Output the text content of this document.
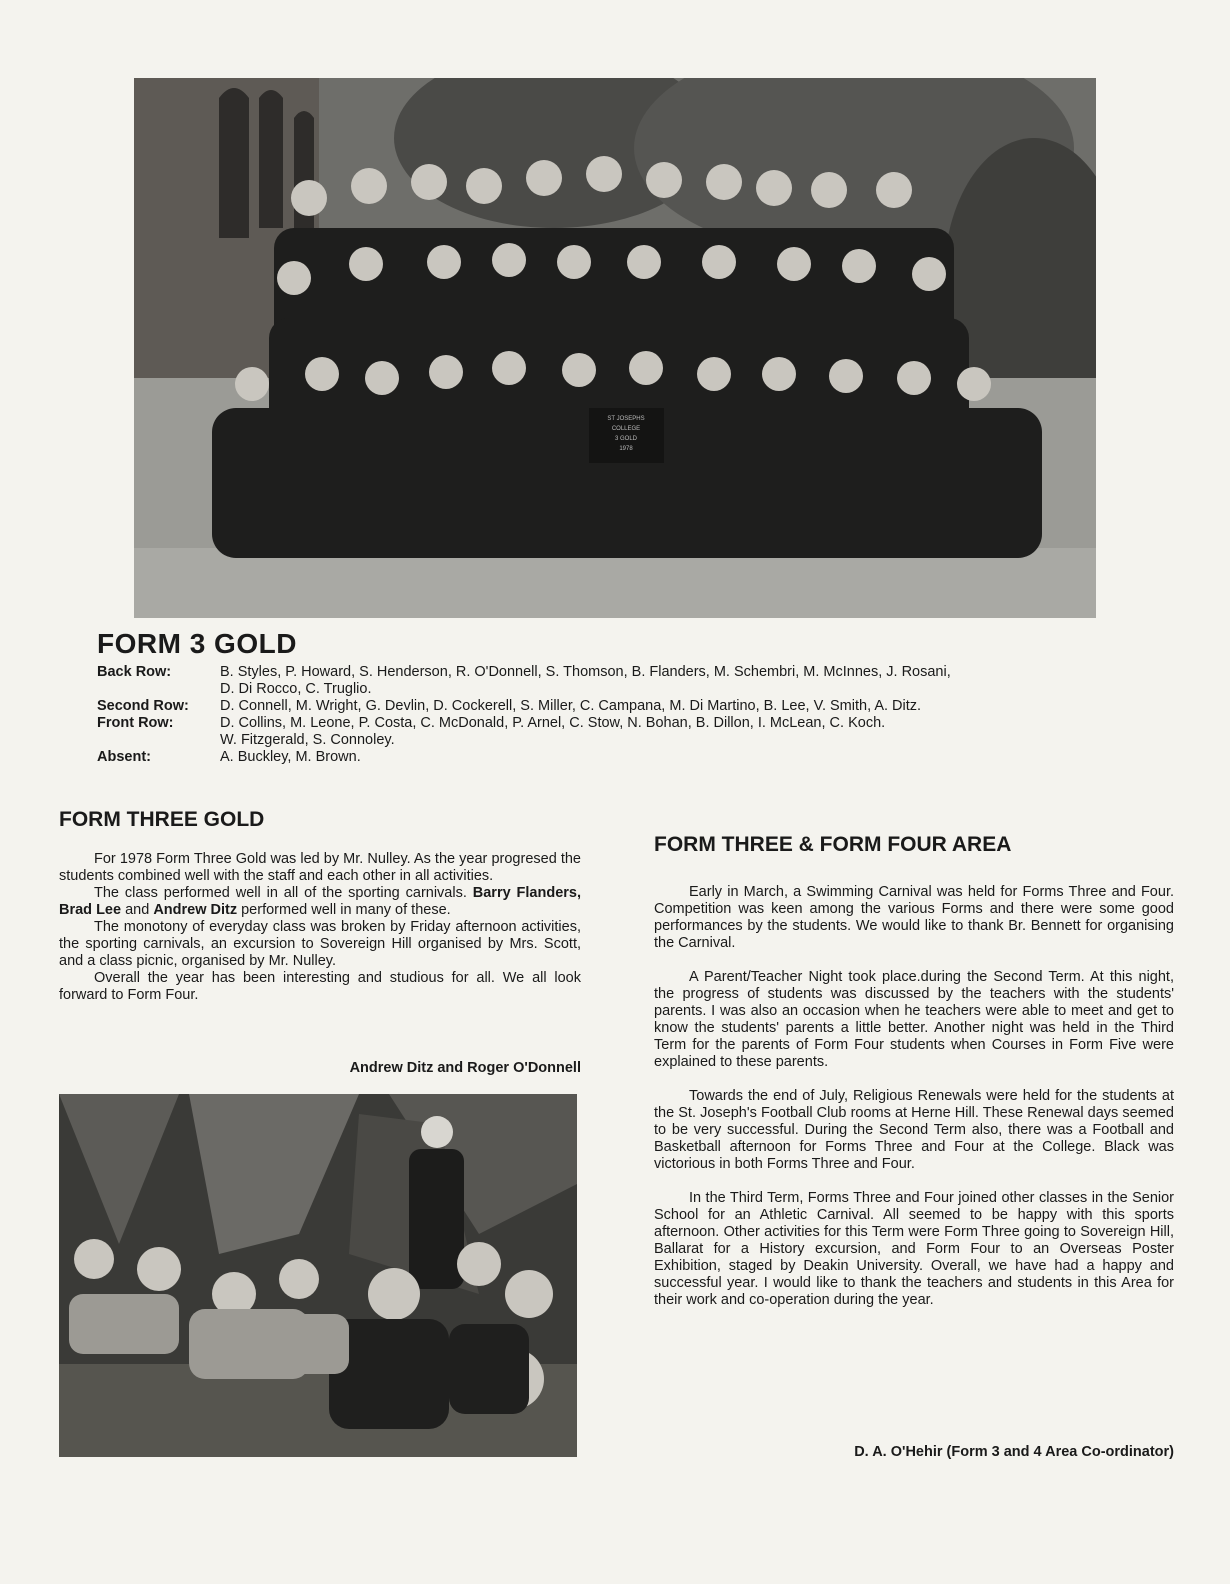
ST JOSEPHS
COLLEGE
3 GOLD
1978
FORM 3 GOLD
Back Row:	B. Styles, P. Howard, S. Henderson, R. O'Donnell, S. Thomson, B. Flanders, M. Schembri, M. McInnes, J. Rosani,
D. Di Rocco, C. Truglio.
Second Row:	D. Connell, M. Wright, G. Devlin, D. Cockerell, S. Miller, C. Campana, M. Di Martino, B. Lee, V. Smith, A. Ditz.
Front Row:	D. Collins, M. Leone, P. Costa, C. McDonald, P. Arnel, C. Stow, N. Bohan, B. Dillon, I. McLean, C. Koch.
W. Fitzgerald, S. Connoley.
Absent:	A. Buckley, M. Brown.
FORM THREE GOLD

For 1978 Form Three Gold was led by Mr. Nulley. As the year progresed the students combined well with the staff and each other in all activities.

The class performed well in all of the sporting carnivals. Barry Flanders, Brad Lee and Andrew Ditz performed well in many of these.

The monotony of everyday class was broken by Friday afternoon activities, the sporting carnivals, an excursion to Sovereign Hill organised by Mrs. Scott, and a class picnic, organised by Mr. Nulley.

Overall the year has been interesting and studious for all. We all look forward to Form Four.

Andrew Ditz and Roger O'Donnell
FORM THREE & FORM FOUR AREA

Early in March, a Swimming Carnival was held for Forms Three and Four. Competition was keen among the various Forms and there were some good performances by the students. We would like to thank Br. Bennett for organising the Carnival.

A Parent/Teacher Night took place.during the Second Term. At this night, the progress of students was discussed by the teachers with the students' parents. I was also an occasion when he teachers were able to meet and get to know the students' parents a little better. Another night was held in the Third Term for the parents of Form Four students when Courses in Form Five were explained to these parents.

Towards the end of July, Religious Renewals were held for the students at the St. Joseph's Football Club rooms at Herne Hill. These Renewal days seemed to be very successful. During the Second Term also, there was a Football and Basketball afternoon for Forms Three and Four at the College. Black was victorious in both Forms Three and Four.

In the Third Term, Forms Three and Four joined other classes in the Senior School for an Athletic Carnival. All seemed to be happy with this sports afternoon. Other activities for this Term were Form Three going to Sovereign Hill, Ballarat for a History excursion, and Form Four to an Overseas Poster Exhibition, staged by Deakin University. Overall, we have had a happy and successful year. I would like to thank the teachers and students in this Area for their work and co-operation during the year.

D. A. O'Hehir (Form 3 and 4 Area Co-ordinator)
